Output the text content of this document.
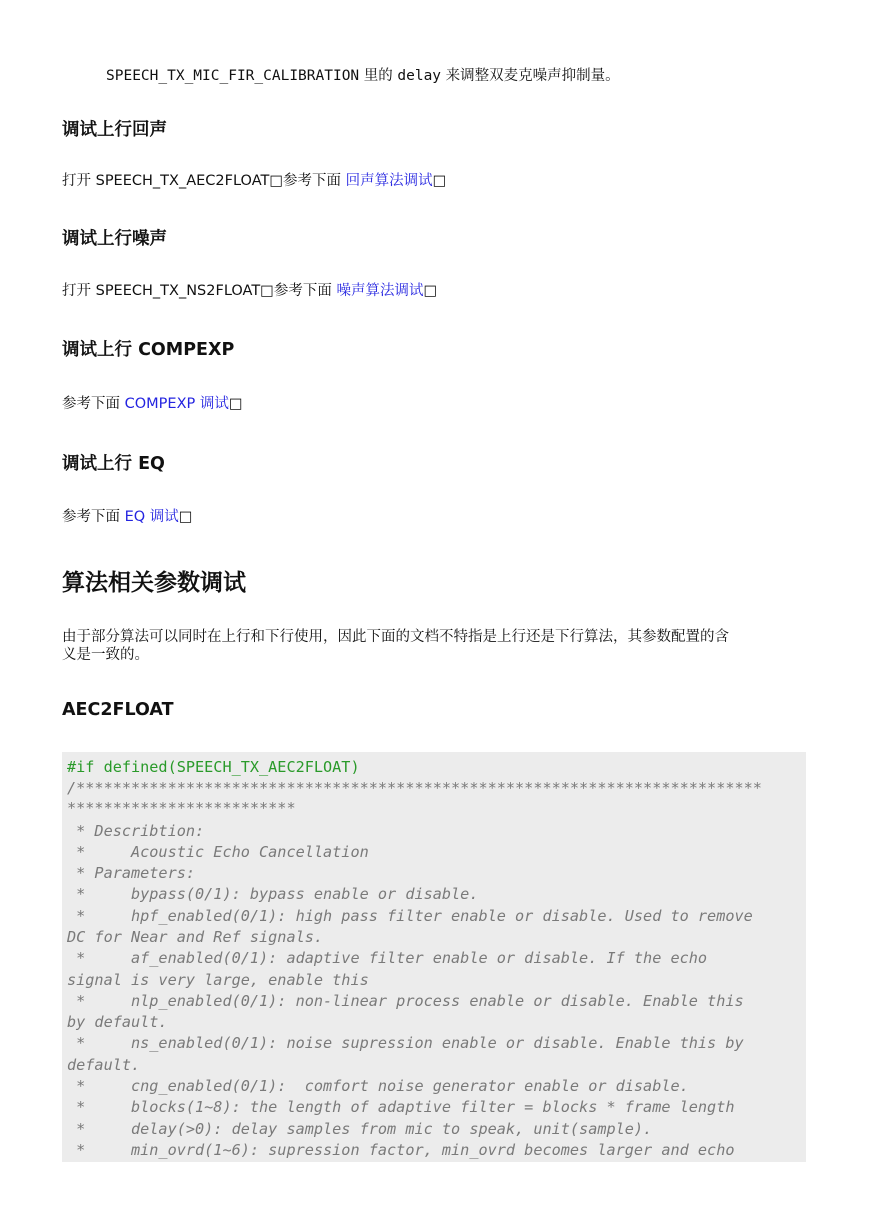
SPEECH_TX_MIC_FIR_CALIBRATION 里的 delay 来调整双麦克噪声抑制量。
调试上行回声
打开 SPEECH_TX_AEC2FLOAT□参考下面 回声算法调试□
调试上行噪声
打开 SPEECH_TX_NS2FLOAT□参考下面 噪声算法调试□
调试上行 COMPEXP
参考下面 COMPEXP 调试□
调试上行 EQ
参考下面 EQ 调试□
算法相关参数调试
由于部分算法可以同时在上行和下行使用，因此下面的文档不特指是上行还是下行算法，其参数配置的含
义是一致的。
AEC2FLOAT
#if defined(SPEECH_TX_AEC2FLOAT)
/***************************************************************************
*************************
* Describtion:
*     Acoustic Echo Cancellation
* Parameters:
*     bypass(0/1): bypass enable or disable.
*     hpf_enabled(0/1): high pass filter enable or disable. Used to remove
DC for Near and Ref signals.
*     af_enabled(0/1): adaptive filter enable or disable. If the echo
signal is very large, enable this
*     nlp_enabled(0/1): non-linear process enable or disable. Enable this
by default.
*     ns_enabled(0/1): noise supression enable or disable. Enable this by
default.
*     cng_enabled(0/1):  comfort noise generator enable or disable.
*     blocks(1~8): the length of adaptive filter = blocks * frame length
*     delay(>0): delay samples from mic to speak, unit(sample).
*     min_ovrd(1~6): supression factor, min_ovrd becomes larger and echo
